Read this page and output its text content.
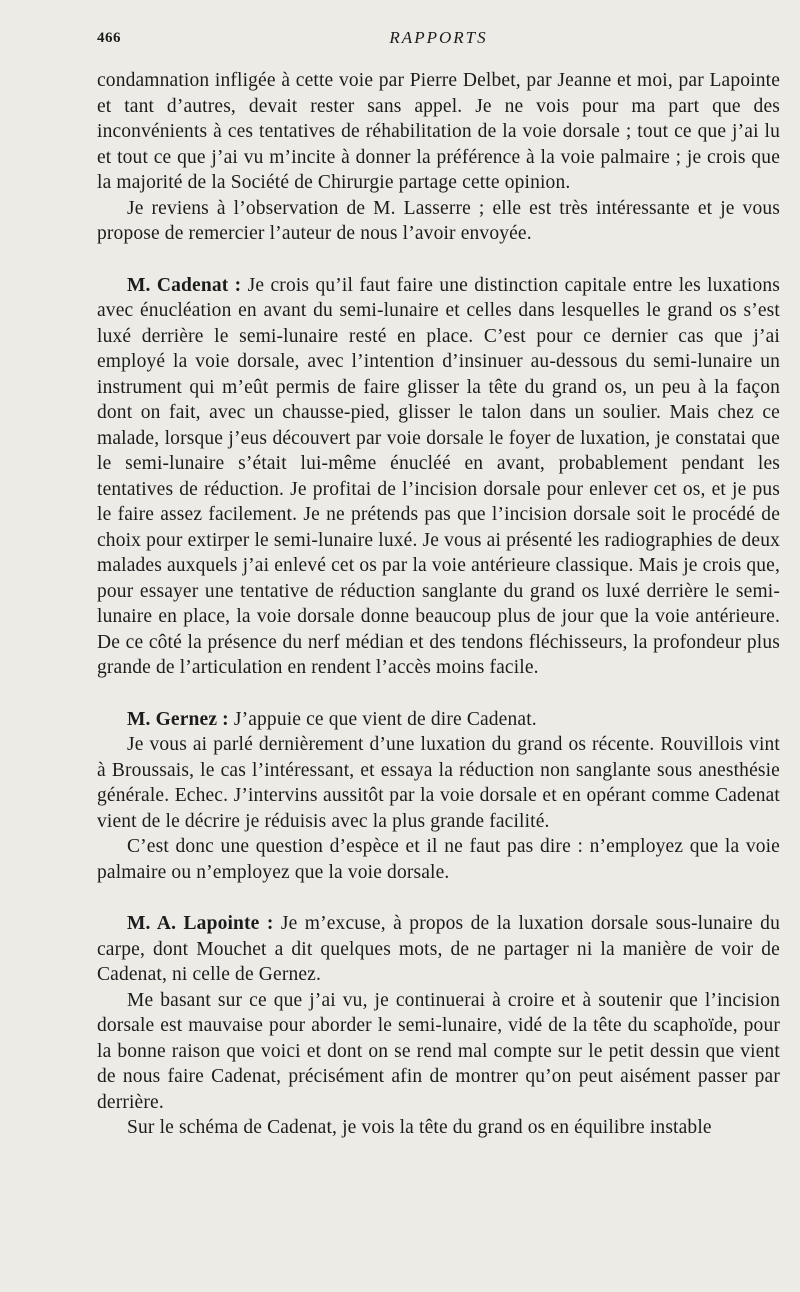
466	RAPPORTS

condamnation infligée à cette voie par Pierre Delbet, par Jeanne et moi, par Lapointe et tant d’autres, devait rester sans appel. Je ne vois pour ma part que des inconvénients à ces tentatives de réhabilitation de la voie dorsale ; tout ce que j’ai lu et tout ce que j’ai vu m’incite à donner la préférence à la voie palmaire ; je crois que la majorité de la Société de Chirurgie partage cette opinion.

Je reviens à l’observation de M. Lasserre ; elle est très intéressante et je vous propose de remercier l’auteur de nous l’avoir envoyée.

M. Cadenat : Je crois qu’il faut faire une distinction capitale entre les luxations avec énucléation en avant du semi-lunaire et celles dans lesquelles le grand os s’est luxé derrière le semi-lunaire resté en place. C’est pour ce dernier cas que j’ai employé la voie dorsale, avec l’intention d’insinuer au-dessous du semi-lunaire un instrument qui m’eût permis de faire glisser la tête du grand os, un peu à la façon dont on fait, avec un chausse-pied, glisser le talon dans un soulier. Mais chez ce malade, lorsque j’eus découvert par voie dorsale le foyer de luxation, je constatai que le semi-lunaire s’était lui-même énucléé en avant, probablement pendant les tentatives de réduction. Je profitai de l’incision dorsale pour enlever cet os, et je pus le faire assez facilement. Je ne prétends pas que l’incision dorsale soit le procédé de choix pour extirper le semi-lunaire luxé. Je vous ai présenté les radiographies de deux malades auxquels j’ai enlevé cet os par la voie antérieure classique. Mais je crois que, pour essayer une tentative de réduction sanglante du grand os luxé derrière le semi-lunaire en place, la voie dorsale donne beaucoup plus de jour que la voie antérieure. De ce côté la présence du nerf médian et des tendons fléchisseurs, la profondeur plus grande de l’articulation en rendent l’accès moins facile.

M. Gernez : J’appuie ce que vient de dire Cadenat.

Je vous ai parlé dernièrement d’une luxation du grand os récente. Rouvillois vint à Broussais, le cas l’intéressant, et essaya la réduction non sanglante sous anesthésie générale. Echec. J’intervins aussitôt par la voie dorsale et en opérant comme Cadenat vient de le décrire je réduisis avec la plus grande facilité.

C’est donc une question d’espèce et il ne faut pas dire : n’employez que la voie palmaire ou n’employez que la voie dorsale.

M. A. Lapointe : Je m’excuse, à propos de la luxation dorsale sous-lunaire du carpe, dont Mouchet a dit quelques mots, de ne partager ni la manière de voir de Cadenat, ni celle de Gernez.

Me basant sur ce que j’ai vu, je continuerai à croire et à soutenir que l’incision dorsale est mauvaise pour aborder le semi-lunaire, vidé de la tête du scaphoïde, pour la bonne raison que voici et dont on se rend mal compte sur le petit dessin que vient de nous faire Cadenat, précisément afin de montrer qu’on peut aisément passer par derrière.

Sur le schéma de Cadenat, je vois la tête du grand os en équilibre instable
